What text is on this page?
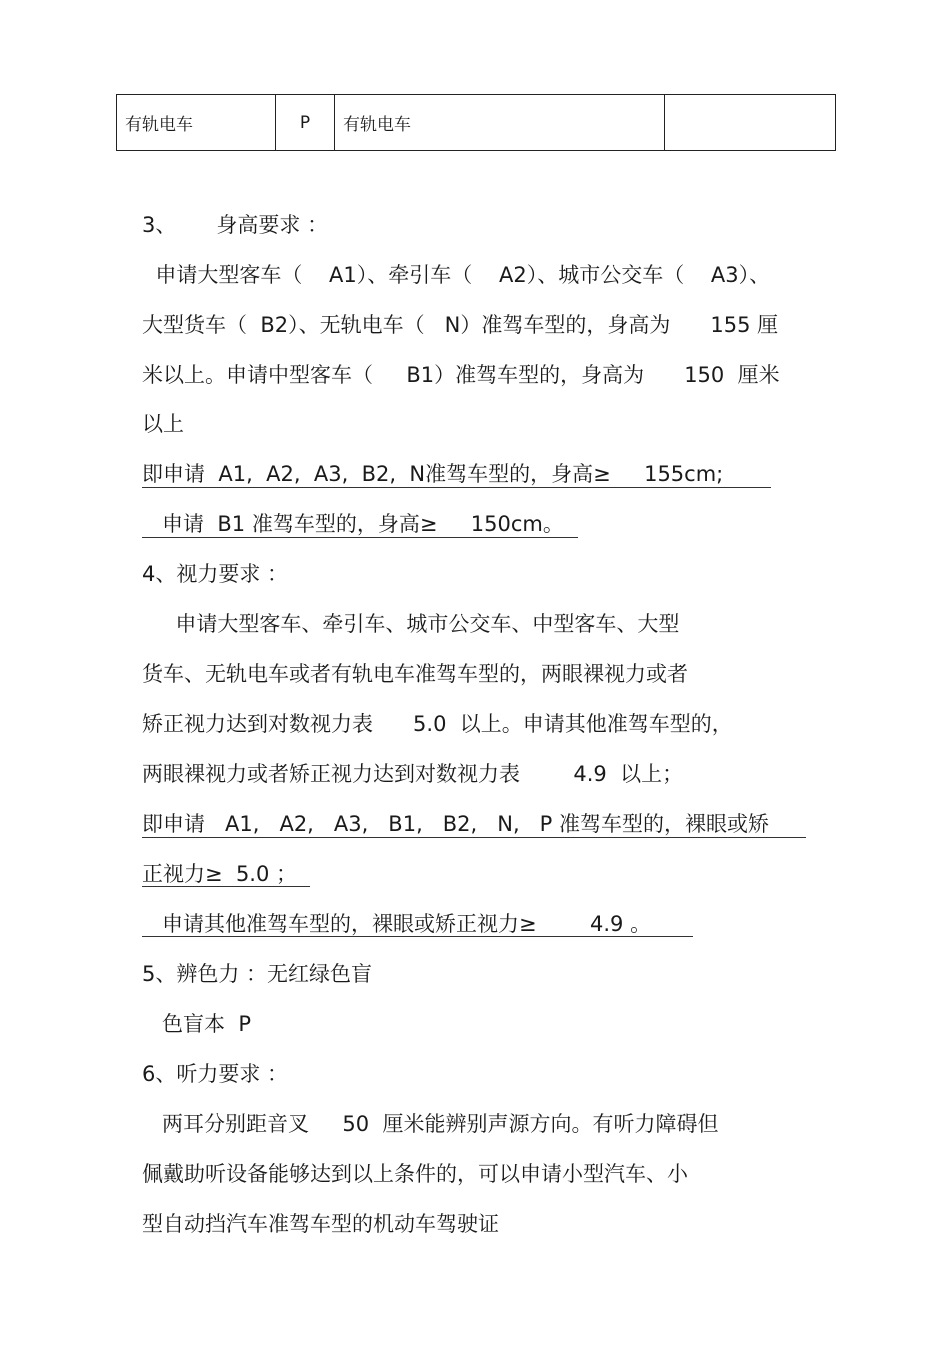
有轨电车	P	有轨电车	
3、      身高要求 ：
申请大型客车（    A1）、牵引车（    A2）、城市公交车（    A3）、
大型货车（  B2）、无轨电车（   N）准驾车型的，身高为      155 厘
米以上。申请中型客车（     B1）准驾车型的，身高为      150  厘米
以上
即申请  A1,  A2,  A3,  B2,  N准驾车型的，身高≥     155cm;
申请  B1 准驾车型的，身高≥     150cm。
4、视力要求 ：
申请大型客车、牵引车、城市公交车、中型客车、大型
货车、无轨电车或者有轨电车准驾车型的，两眼裸视力或者
矫正视力达到对数视力表      5.0  以上。申请其他准驾车型的，
两眼裸视力或者矫正视力达到对数视力表        4.9  以上；
即申请   A1,   A2,   A3,   B1,   B2,   N,   P 准驾车型的，裸眼或矫
正视力≥  5.0 ；
申请其他准驾车型的，裸眼或矫正视力≥        4.9 。
5、辨色力 ：无红绿色盲
色盲本  P
6、听力要求 ：
两耳分别距音叉     50  厘米能辨别声源方向。有听力障碍但
佩戴助听设备能够达到以上条件的，可以申请小型汽车、小
型自动挡汽车准驾车型的机动车驾驶证
